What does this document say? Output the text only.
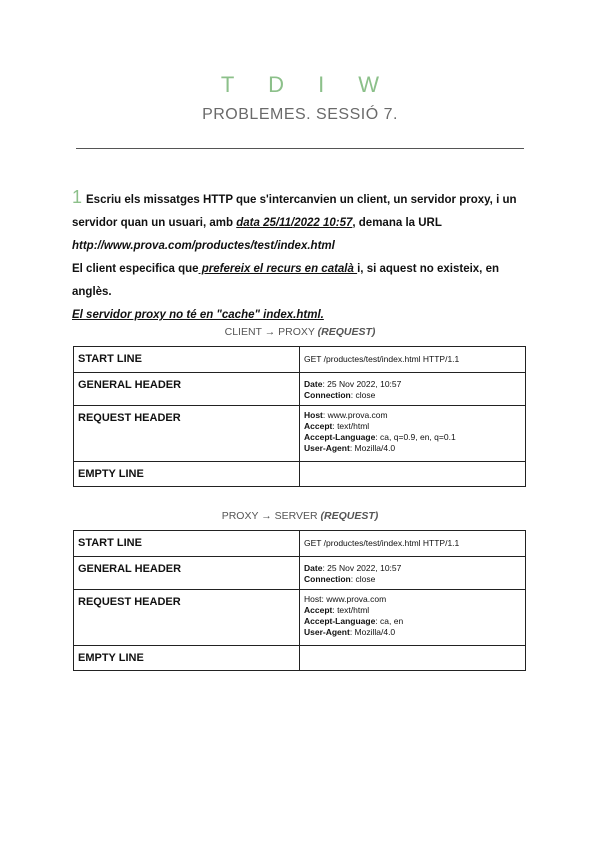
T D I W
PROBLEMES. SESSIÓ 7.
1 Escriu els missatges HTTP que s'intercanvien un client, un servidor proxy, i un
servidor quan un usuari, amb data 25/11/2022 10:57, demana la URL
http://www.prova.com/productes/test/index.html
El client especifica que prefereix el recurs en català i, si aquest no existeix, en anglès.
El servidor proxy no té en "cache" index.html.
CLIENT → PROXY (REQUEST)
START LINE	GET /productes/test/index.html HTTP/1.1
GENERAL HEADER	Date: 25 Nov 2022, 10:57
Connection: close

REQUEST HEADER	Host: www.prova.com
Accept: text/html
Accept-Language: ca, q=0.9, en, q=0.1
User-Agent: Mozilla/4.0

EMPTY LINE	
PROXY → SERVER (REQUEST)
START LINE	GET /productes/test/index.html HTTP/1.1
GENERAL HEADER	Date: 25 Nov 2022, 10:57
Connection: close

REQUEST HEADER	Host: www.prova.com
Accept: text/html
Accept-Language: ca, en
User-Agent: Mozilla/4.0

EMPTY LINE	
